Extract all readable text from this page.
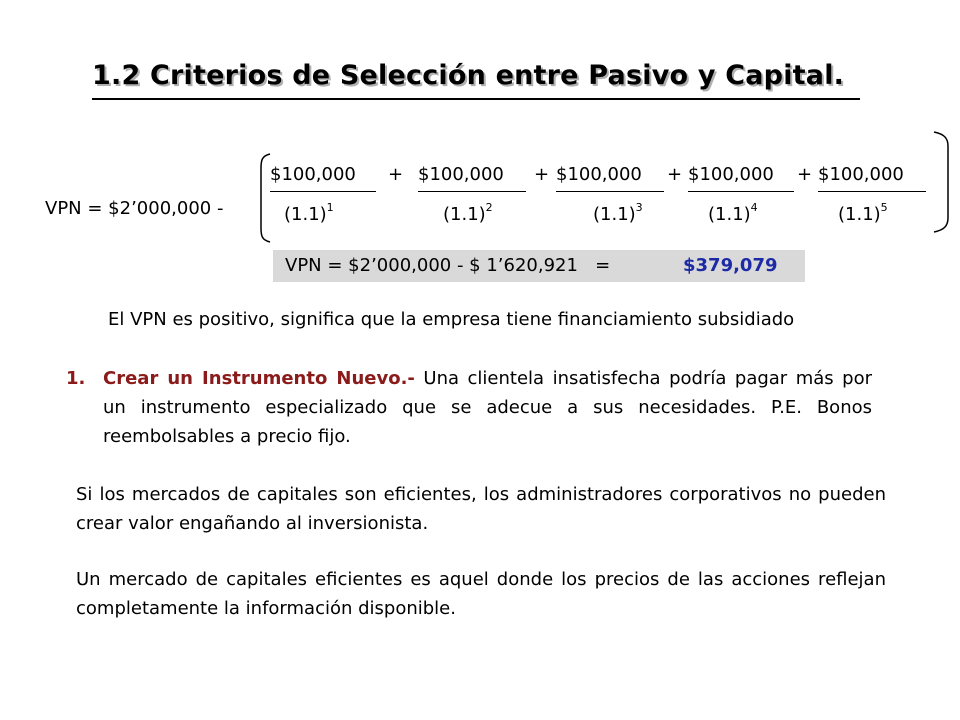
1.2 Criterios de Selección entre Pasivo y Capital.
VPN = $2’000,000 -
$100,000 + $100,000 + $100,000 + $100,000 + $100,000
$(1.1)^1$	$(1.1)^2$	$(1.1)^3$	$(1.1)^4$	$(1.1)^5$
VPN = $2’000,000 - $ 1’620,921   =	$379,079
El VPN es positivo, significa que la empresa tiene financiamiento subsidiado
1. Crear un Instrumento Nuevo.- Una clientela insatisfecha podría pagar más por un instrumento especializado que se adecue a sus necesidades. P.E. Bonos reembolsables a precio fijo.
Si los mercados de capitales son eficientes, los administradores corporativos no pueden crear valor engañando al inversionista.
Un mercado de capitales eficientes es aquel donde los precios de las acciones reflejan completamente la información disponible.
